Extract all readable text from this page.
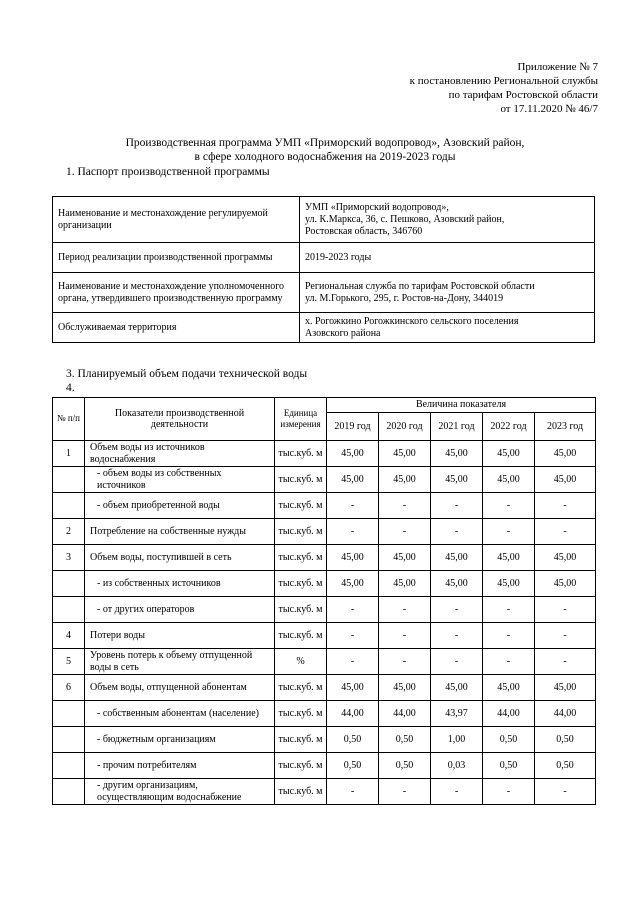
Приложение № 7
к постановлению Региональной службы
по тарифам Ростовской области
от 17.11.2020 № 46/7
Производственная программа УМП «Приморский водопровод», Азовский район,
в сфере холодного водоснабжения на 2019-2023 годы
1. Паспорт производственной программы
Наименование и местонахождение регулируемой организации	УМП «Приморский водопровод»,
ул. К.Маркса, 36, с. Пешково, Азовский район,
Ростовская область, 346760

Период реализации производственной программы	2019-2023 годы

Наименование и местонахождение уполномоченного органа, утвердившего производственную программу	Региональная служба по тарифам Ростовской области
ул. М.Горького, 295, г. Ростов-на-Дону, 344019

Обслуживаемая территория	х. Рогожкино Рогожкинского сельского поселения
Азовского района
3. Планируемый объем подачи технической воды
4.
№ п/п	Показатели производственной деятельности	Единица измерения	Величина показателя				
			2019 год	2020 год	2021 год	2022 год	2023 год
1	Объем воды из источников водоснабжения	тыс.куб. м	45,00	45,00	45,00	45,00	45,00
	- объем воды из собственных источников	тыс.куб. м	45,00	45,00	45,00	45,00	45,00
	- объем приобретенной воды	тыс.куб. м	-	-	-	-	-
2	Потребление на собственные нужды	тыс.куб. м	-	-	-	-	-
3	Объем воды, поступившей в сеть	тыс.куб. м	45,00	45,00	45,00	45,00	45,00
	- из собственных источников	тыс.куб. м	45,00	45,00	45,00	45,00	45,00
	- от других операторов	тыс.куб. м	-	-	-	-	-
4	Потери воды	тыс.куб. м	-	-	-	-	-
5	Уровень потерь к объему отпущенной воды в сеть	%	-	-	-	-	-
6	Объем воды, отпущенной абонентам	тыс.куб. м	45,00	45,00	45,00	45,00	45,00
	- собственным абонентам (население)	тыс.куб. м	44,00	44,00	43,97	44,00	44,00
	- бюджетным организациям	тыс.куб. м	0,50	0,50	1,00	0,50	0,50
	- прочим потребителям	тыс.куб. м	0,50	0,50	0,03	0,50	0,50
	- другим организациям, осуществляющим водоснабжение	тыс.куб. м	-	-	-	-	-
